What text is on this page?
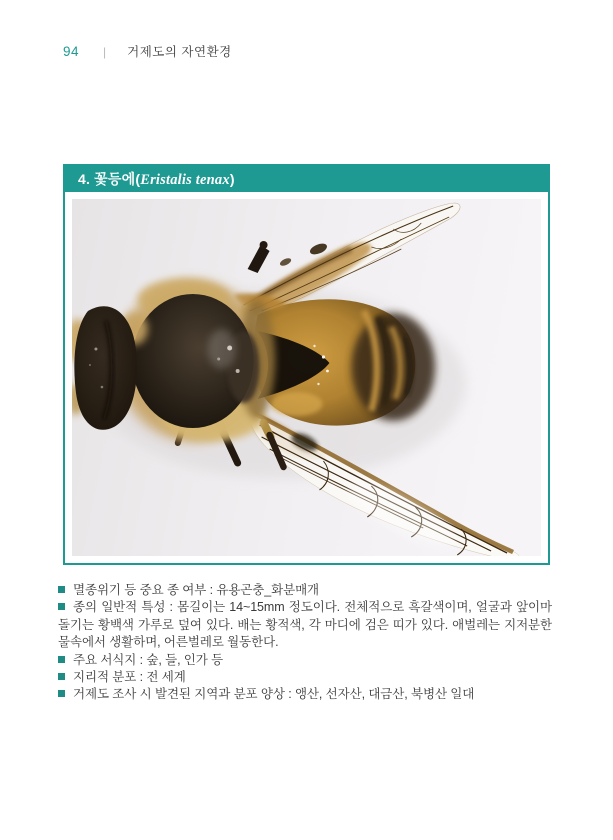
94 | 거제도의 자연환경
4. 꽃등에(Eristalis tenax)
멸종위기 등 중요 종 여부 : 유용곤충_화분매개
종의 일반적 특성 : 몸길이는 14~15mm 정도이다. 전체적으로 흑갈색이며, 얼굴과 앞이마돌기는 황백색 가루로 덮여 있다. 배는 황적색, 각 마디에 검은 띠가 있다. 애벌레는 지저분한 물속에서 생활하며, 어른벌레로 월동한다.
주요 서식지 : 숲, 들, 인가 등
지리적 분포 : 전 세계
거제도 조사 시 발견된 지역과 분포 양상 : 앵산, 선자산, 대금산, 북병산 일대
